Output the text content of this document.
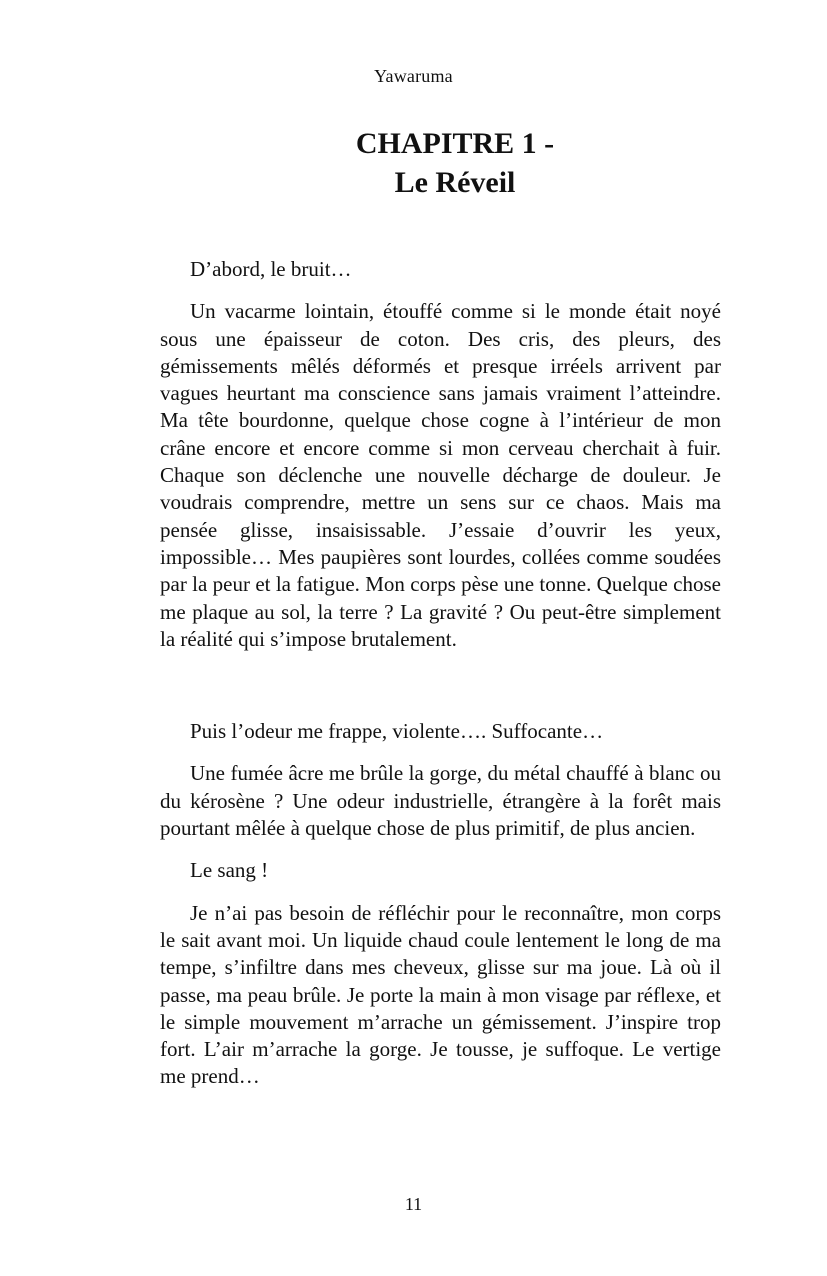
Yawaruma
CHAPITRE 1 -
Le Réveil

D’abord, le bruit…

Un vacarme lointain, étouffé comme si le monde était noyé sous une épaisseur de coton. Des cris, des pleurs, des gémissements mêlés déformés et presque irréels arrivent par vagues heurtant ma conscience sans jamais vraiment l’atteindre. Ma tête bourdonne, quelque chose cogne à l’intérieur de mon crâne encore et encore comme si mon cerveau cherchait à fuir. Chaque son déclenche une nouvelle décharge de douleur. Je voudrais comprendre, mettre un sens sur ce chaos. Mais ma pensée glisse, insaisissable. J’essaie d’ouvrir les yeux, impossible… Mes paupières sont lourdes, collées comme soudées par la peur et la fatigue. Mon corps pèse une tonne. Quelque chose me plaque au sol, la terre ? La gravité ? Ou peut-être simplement la réalité qui s’impose brutalement.

Puis l’odeur me frappe, violente…. Suffocante…

Une fumée âcre me brûle la gorge, du métal chauffé à blanc ou du kérosène ? Une odeur industrielle, étrangère à la forêt mais pourtant mêlée à quelque chose de plus primitif, de plus ancien.

Le sang !

Je n’ai pas besoin de réfléchir pour le reconnaître, mon corps le sait avant moi. Un liquide chaud coule lentement le long de ma tempe, s’infiltre dans mes cheveux, glisse sur ma joue. Là où il passe, ma peau brûle. Je porte la main à mon visage par réflexe, et le simple mouvement m’arrache un gémissement. J’inspire trop fort. L’air m’arrache la gorge. Je tousse, je suffoque. Le vertige me prend…

11
